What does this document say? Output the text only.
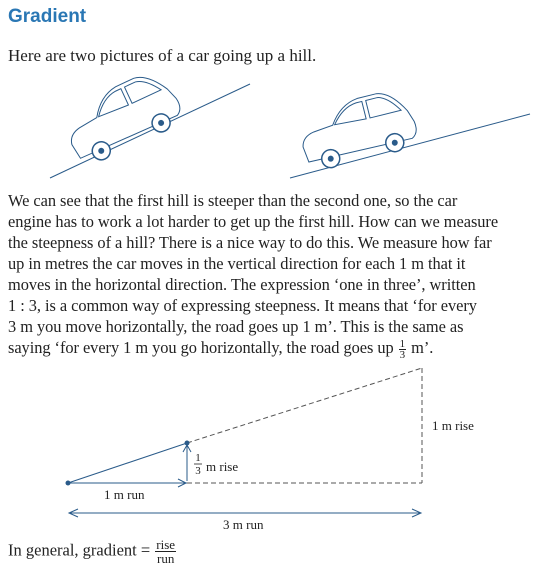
Gradient

Here are two pictures of a car going up a hill.

We can see that the first hill is steeper than the second one, so the car
engine has to work a lot harder to get up the first hill. How can we measure
the steepness of a hill? There is a nice way to do this. We measure how far
up in metres the car moves in the vertical direction for each 1 m that it
moves in the horizontal direction. The expression ‘one in three’, written
1 : 3, is a common way of expressing steepness. It means that ‘for every
3 m you move horizontally, the road goes up 1 m’. This is the same as
saying ‘for every 1 m you go horizontally, the road goes up $\frac{1}{3} m$’.
1
3 m rise
1 m rise
1 m run
3 m run
In general, gradient = $\frac{\text{rise}}{\text{run}}$
